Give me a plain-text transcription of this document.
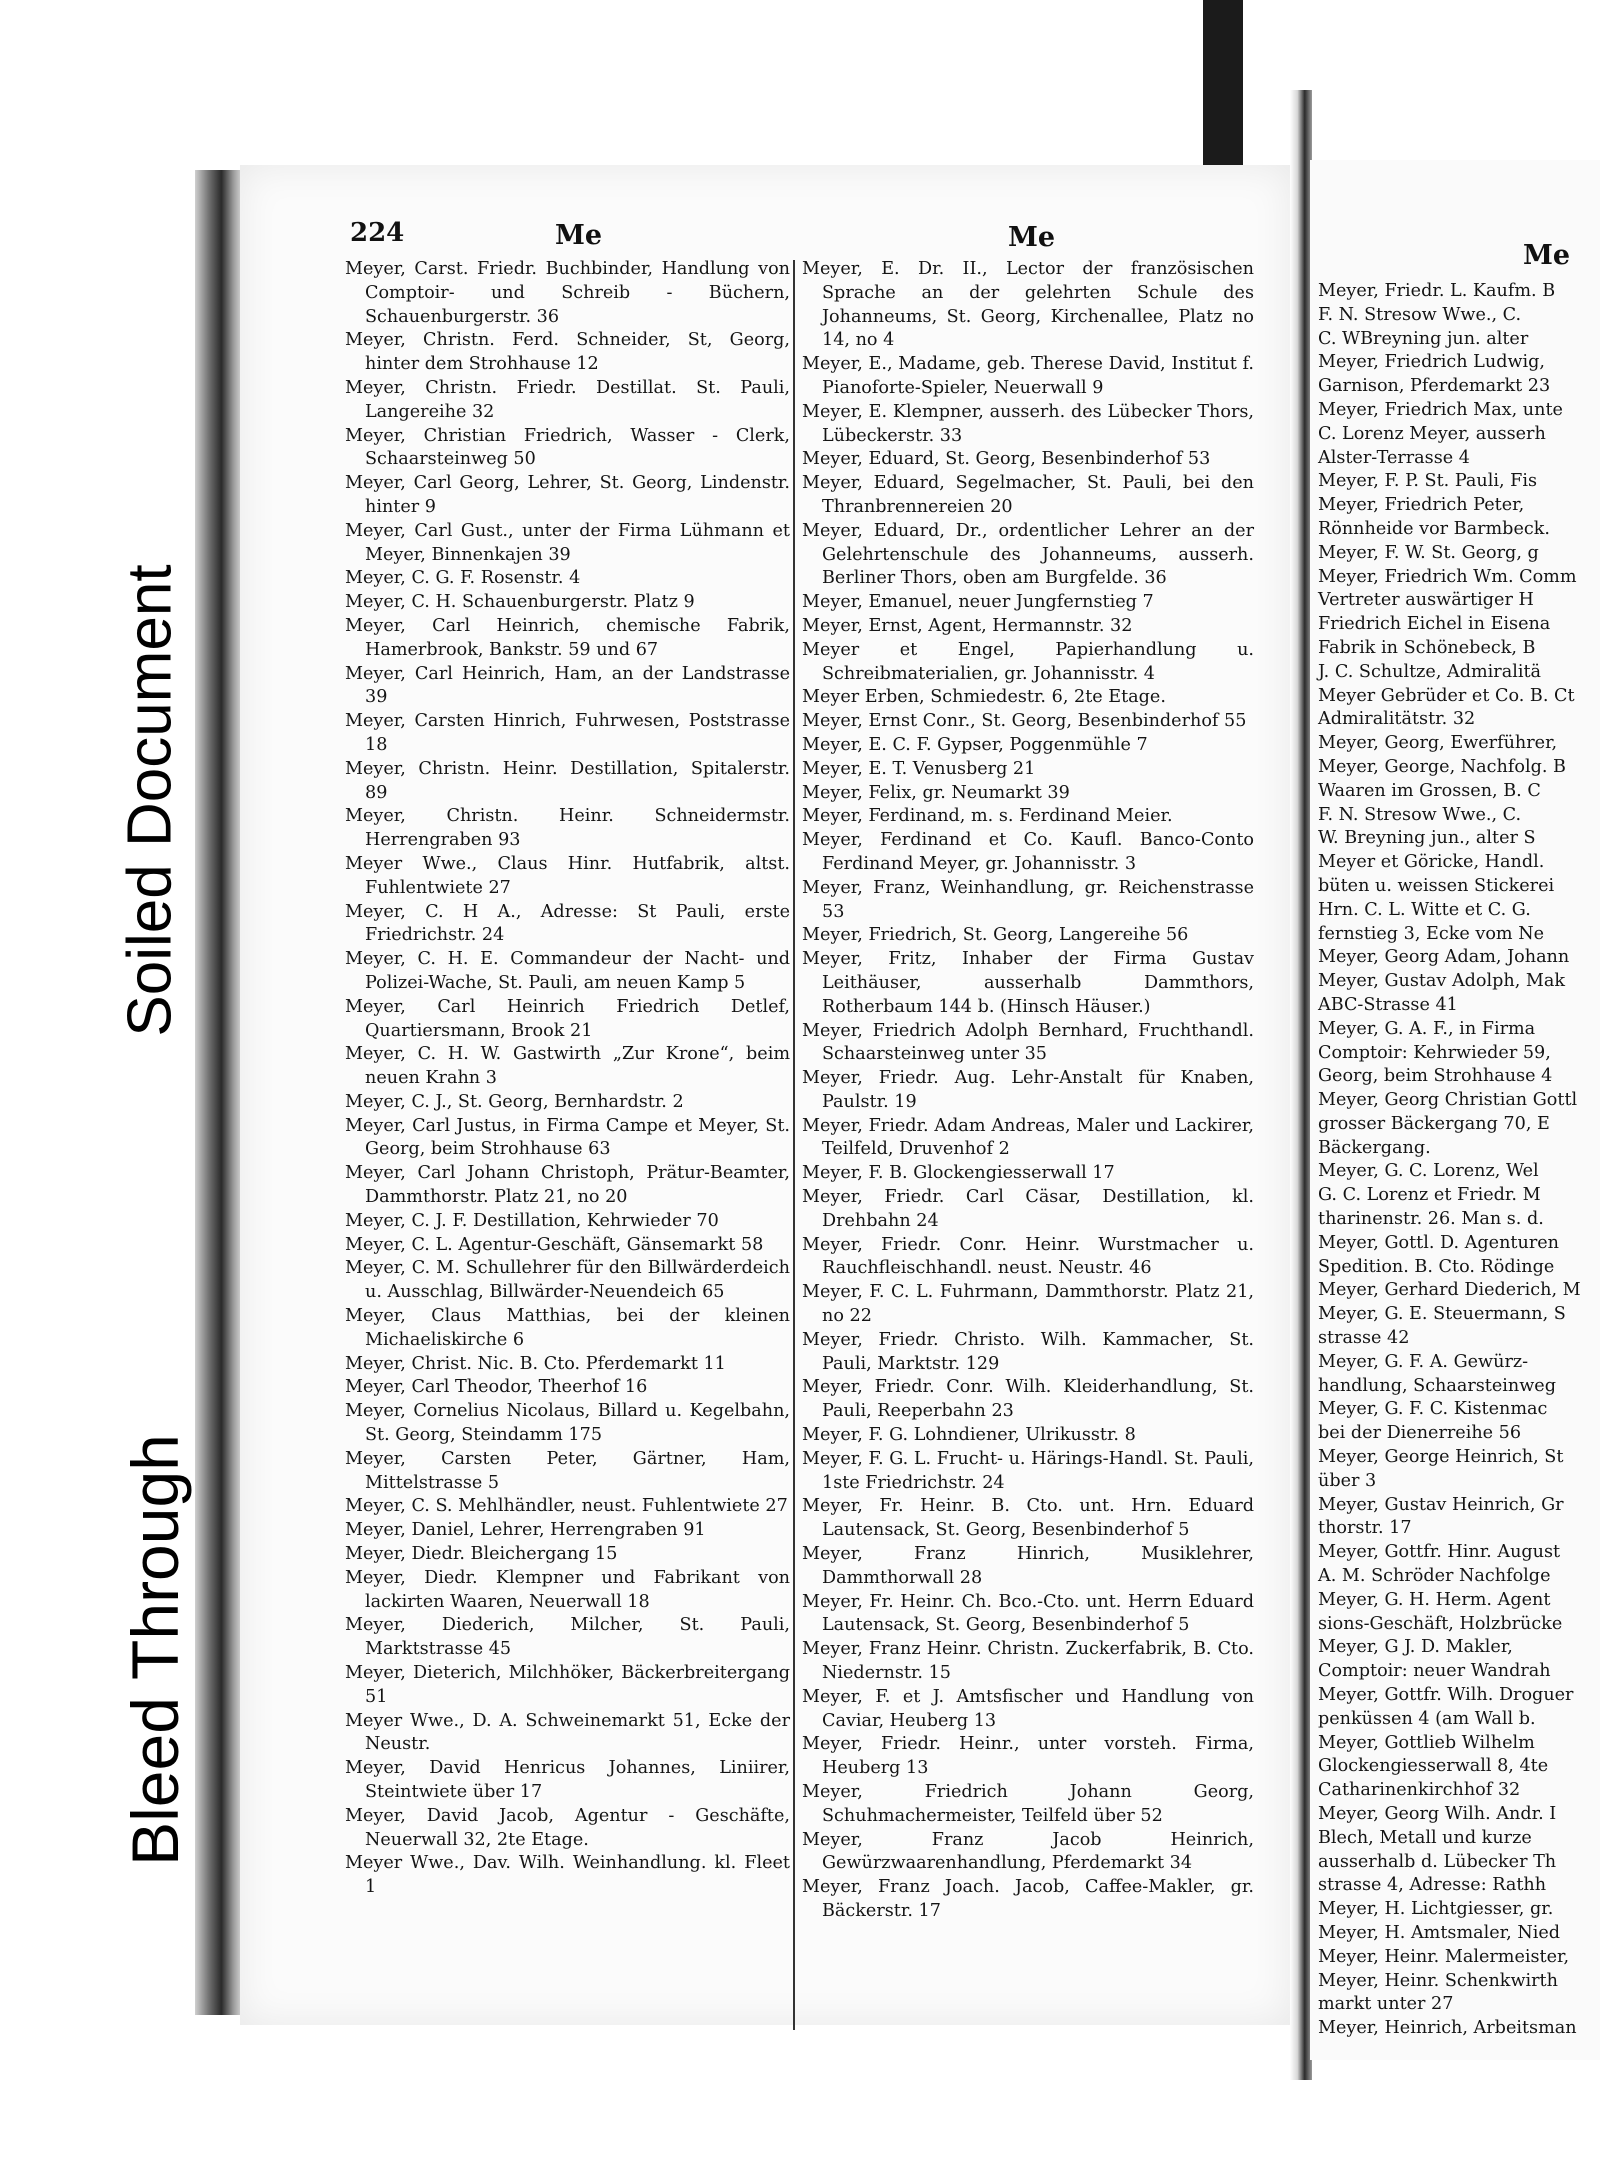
Soiled Document
Bleed Through
224	Me	Me
Me
Meyer, Carst. Friedr. Buchbinder, Handlung von Comptoir- und Schreib - Büchern, Schauenburgerstr. 36
Meyer, Christn. Ferd. Schneider, St, Georg, hinter dem Strohhause 12
Meyer, Christn. Friedr. Destillat. St. Pauli, Langereihe 32
Meyer, Christian Friedrich, Wasser - Clerk, Schaarsteinweg 50
Meyer, Carl Georg, Lehrer, St. Georg, Lindenstr. hinter 9
Meyer, Carl Gust., unter der Firma Lühmann et Meyer, Binnenkajen 39
Meyer, C. G. F. Rosenstr. 4
Meyer, C. H. Schauenburgerstr. Platz 9
Meyer, Carl Heinrich, chemische Fabrik, Hamerbrook, Bankstr. 59 und 67
Meyer, Carl Heinrich, Ham, an der Landstrasse 39
Meyer, Carsten Hinrich, Fuhrwesen, Poststrasse 18
Meyer, Christn. Heinr. Destillation, Spitalerstr. 89
Meyer, Christn. Heinr. Schneidermstr. Herrengraben 93
Meyer Wwe., Claus Hinr. Hutfabrik, altst. Fuhlentwiete 27
Meyer, C. H A., Adresse: St Pauli, erste Friedrichstr. 24
Meyer, C. H. E. Commandeur der Nacht- und Polizei-Wache, St. Pauli, am neuen Kamp 5
Meyer, Carl Heinrich Friedrich Detlef, Quartiersmann, Brook 21
Meyer, C. H. W. Gastwirth „Zur Krone“, beim neuen Krahn 3
Meyer, C. J., St. Georg, Bernhardstr. 2
Meyer, Carl Justus, in Firma Campe et Meyer, St. Georg, beim Strohhause 63
Meyer, Carl Johann Christoph, Prätur-Beamter, Dammthorstr. Platz 21, no 20
Meyer, C. J. F. Destillation, Kehrwieder 70
Meyer, C. L. Agentur-Geschäft, Gänsemarkt 58
Meyer, C. M. Schullehrer für den Billwärderdeich u. Ausschlag, Billwärder-Neuendeich 65
Meyer, Claus Matthias, bei der kleinen Michaeliskirche 6
Meyer, Christ. Nic. B. Cto. Pferdemarkt 11
Meyer, Carl Theodor, Theerhof 16
Meyer, Cornelius Nicolaus, Billard u. Kegelbahn, St. Georg, Steindamm 175
Meyer, Carsten Peter, Gärtner, Ham, Mittelstrasse 5
Meyer, C. S. Mehlhändler, neust. Fuhlentwiete 27
Meyer, Daniel, Lehrer, Herrengraben 91
Meyer, Diedr. Bleichergang 15
Meyer, Diedr. Klempner und Fabrikant von lackirten Waaren, Neuerwall 18
Meyer, Diederich, Milcher, St. Pauli, Marktstrasse 45
Meyer, Dieterich, Milchhöker, Bäckerbreitergang 51
Meyer Wwe., D. A. Schweinemarkt 51, Ecke der Neustr.
Meyer, David Henricus Johannes, Liniirer, Steintwiete über 17
Meyer, David Jacob, Agentur - Geschäfte, Neuerwall 32, 2te Etage.
Meyer Wwe., Dav. Wilh. Weinhandlung. kl. Fleet 1
Meyer, E. Dr. II., Lector der französischen Sprache an der gelehrten Schule des Johanneums, St. Georg, Kirchenallee, Platz no 14, no 4
Meyer, E., Madame, geb. Therese David, Institut f. Pianoforte-Spieler, Neuerwall 9
Meyer, E. Klempner, ausserh. des Lübecker Thors, Lübeckerstr. 33
Meyer, Eduard, St. Georg, Besenbinderhof 53
Meyer, Eduard, Segelmacher, St. Pauli, bei den Thranbrennereien 20
Meyer, Eduard, Dr., ordentlicher Lehrer an der Gelehrtenschule des Johanneums, ausserh. Berliner Thors, oben am Burgfelde. 36
Meyer, Emanuel, neuer Jungfernstieg 7
Meyer, Ernst, Agent, Hermannstr. 32
Meyer et Engel, Papierhandlung u. Schreibmaterialien, gr. Johannisstr. 4
Meyer Erben, Schmiedestr. 6, 2te Etage.
Meyer, Ernst Conr., St. Georg, Besenbinderhof 55
Meyer, E. C. F. Gypser, Poggenmühle 7
Meyer, E. T. Venusberg 21
Meyer, Felix, gr. Neumarkt 39
Meyer, Ferdinand, m. s. Ferdinand Meier.
Meyer, Ferdinand et Co. Kaufl. Banco-Conto Ferdinand Meyer, gr. Johannisstr. 3
Meyer, Franz, Weinhandlung, gr. Reichenstrasse 53
Meyer, Friedrich, St. Georg, Langereihe 56
Meyer, Fritz, Inhaber der Firma Gustav Leithäuser, ausserhalb Dammthors, Rotherbaum 144 b. (Hinsch Häuser.)
Meyer, Friedrich Adolph Bernhard, Fruchthandl. Schaarsteinweg unter 35
Meyer, Friedr. Aug. Lehr-Anstalt für Knaben, Paulstr. 19
Meyer, Friedr. Adam Andreas, Maler und Lackirer, Teilfeld, Druvenhof 2
Meyer, F. B. Glockengiesserwall 17
Meyer, Friedr. Carl Cäsar, Destillation, kl. Drehbahn 24
Meyer, Friedr. Conr. Heinr. Wurstmacher u. Rauchfleischhandl. neust. Neustr. 46
Meyer, F. C. L. Fuhrmann, Dammthorstr. Platz 21, no 22
Meyer, Friedr. Christo. Wilh. Kammacher, St. Pauli, Marktstr. 129
Meyer, Friedr. Conr. Wilh. Kleiderhandlung, St. Pauli, Reeperbahn 23
Meyer, F. G. Lohndiener, Ulrikusstr. 8
Meyer, F. G. L. Frucht- u. Härings-Handl. St. Pauli, 1ste Friedrichstr. 24
Meyer, Fr. Heinr. B. Cto. unt. Hrn. Eduard Lautensack, St. Georg, Besenbinderhof 5
Meyer, Franz Hinrich, Musiklehrer, Dammthorwall 28
Meyer, Fr. Heinr. Ch. Bco.-Cto. unt. Herrn Eduard Lautensack, St. Georg, Besenbinderhof 5
Meyer, Franz Heinr. Christn. Zuckerfabrik, B. Cto. Niedernstr. 15
Meyer, F. et J. Amtsfischer und Handlung von Caviar, Heuberg 13
Meyer, Friedr. Heinr., unter vorsteh. Firma, Heuberg 13
Meyer, Friedrich Johann Georg, Schuhmachermeister, Teilfeld über 52
Meyer, Franz Jacob Heinrich, Gewürzwaarenhandlung, Pferdemarkt 34
Meyer, Franz Joach. Jacob, Caffee-Makler, gr. Bäckerstr. 17
Meyer, Friedr. L. Kaufm. B
F. N. Stresow Wwe., C.
C. WBreyning jun. alter
Meyer, Friedrich Ludwig,
Garnison, Pferdemarkt 23
Meyer, Friedrich Max, unte
C. Lorenz Meyer, ausserh
Alster-Terrasse 4
Meyer, F. P. St. Pauli, Fis
Meyer, Friedrich Peter,
Rönnheide vor Barmbeck.
Meyer, F. W. St. Georg, g
Meyer, Friedrich Wm. Comm
Vertreter auswärtiger H
Friedrich Eichel in Eisena
Fabrik in Schönebeck, B
J. C. Schultze, Admiralitä
Meyer Gebrüder et Co. B. Ct
Admiralitätstr. 32
Meyer, Georg, Ewerführer,
Meyer, George, Nachfolg. B
Waaren im Grossen, B. C
F. N. Stresow Wwe., C.
W. Breyning jun., alter S
Meyer et Göricke, Handl.
büten u. weissen Stickerei
Hrn. C. L. Witte et C. G.
fernstieg 3, Ecke vom Ne
Meyer, Georg Adam, Johann
Meyer, Gustav Adolph, Mak
ABC-Strasse 41
Meyer, G. A. F., in Firma
Comptoir: Kehrwieder 59,
Georg, beim Strohhause 4
Meyer, Georg Christian Gottl
grosser Bäckergang 70, E
Bäckergang.
Meyer, G. C. Lorenz, Wel
G. C. Lorenz et Friedr. M
tharinenstr. 26. Man s. d.
Meyer, Gottl. D. Agenturen
Spedition. B. Cto. Rödinge
Meyer, Gerhard Diederich, M
Meyer, G. E. Steuermann, S
strasse 42
Meyer, G. F. A. Gewürz-
handlung, Schaarsteinweg
Meyer, G. F. C. Kistenmac
bei der Dienerreihe 56
Meyer, George Heinrich, St
über 3
Meyer, Gustav Heinrich, Gr
thorstr. 17
Meyer, Gottfr. Hinr. August
A. M. Schröder Nachfolge
Meyer, G. H. Herm. Agent
sions-Geschäft, Holzbrücke
Meyer, G J. D. Makler,
Comptoir: neuer Wandrah
Meyer, Gottfr. Wilh. Droguer
penküssen 4 (am Wall b.
Meyer, Gottlieb Wilhelm
Glockengiesserwall 8, 4te
Catharinenkirchhof 32
Meyer, Georg Wilh. Andr. I
Blech, Metall und kurze
ausserhalb d. Lübecker Th
strasse 4, Adresse: Rathh
Meyer, H. Lichtgiesser, gr.
Meyer, H. Amtsmaler, Nied
Meyer, Heinr. Malermeister,
Meyer, Heinr. Schenkwirth
markt unter 27
Meyer, Heinrich, Arbeitsman
